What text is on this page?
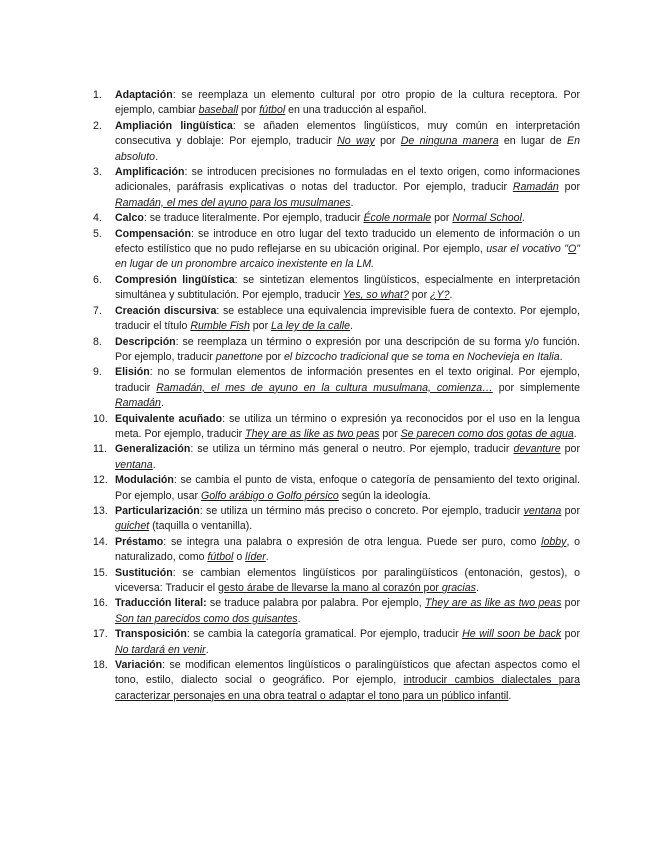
1. Adaptación: se reemplaza un elemento cultural por otro propio de la cultura receptora. Por ejemplo, cambiar baseball por fútbol en una traducción al español.
2. Ampliación lingüística: se añaden elementos lingüísticos, muy común en interpretación consecutiva y doblaje: Por ejemplo, traducir No way por De ninguna manera en lugar de En absoluto.
3. Amplificación: se introducen precisiones no formuladas en el texto origen, como informaciones adicionales, paráfrasis explicativas o notas del traductor. Por ejemplo, traducir Ramadán por Ramadán, el mes del ayuno para los musulmanes.
4. Calco: se traduce literalmente. Por ejemplo, traducir École normale por Normal School.
5. Compensación: se introduce en otro lugar del texto traducido un elemento de información o un efecto estilístico que no pudo reflejarse en su ubicación original. Por ejemplo, usar el vocativo "O" en lugar de un pronombre arcaico inexistente en la LM.
6. Compresión lingüística: se sintetizan elementos lingüísticos, especialmente en interpretación simultánea y subtitulación. Por ejemplo, traducir Yes, so what? por ¿Y?.
7. Creación discursiva: se establece una equivalencia imprevisible fuera de contexto. Por ejemplo, traducir el título Rumble Fish por La ley de la calle.
8. Descripción: se reemplaza un término o expresión por una descripción de su forma y/o función. Por ejemplo, traducir panettone por el bizcocho tradicional que se toma en Nochevieja en Italia.
9. Elisión: no se formulan elementos de información presentes en el texto original. Por ejemplo, traducir Ramadán, el mes de ayuno en la cultura musulmana, comienza… por simplemente Ramadán.
10. Equivalente acuñado: se utiliza un término o expresión ya reconocidos por el uso en la lengua meta. Por ejemplo, traducir They are as like as two peas por Se parecen como dos gotas de agua.
11. Generalización: se utiliza un término más general o neutro. Por ejemplo, traducir devanture por ventana.
12. Modulación: se cambia el punto de vista, enfoque o categoría de pensamiento del texto original. Por ejemplo, usar Golfo arábigo o Golfo pérsico según la ideología.
13. Particularización: se utiliza un término más preciso o concreto. Por ejemplo, traducir ventana por guichet (taquilla o ventanilla).
14. Préstamo: se integra una palabra o expresión de otra lengua. Puede ser puro, como lobby, o naturalizado, como fútbol o líder.
15. Sustitución: se cambian elementos lingüísticos por paralingüísticos (entonación, gestos), o viceversa: Traducir el gesto árabe de llevarse la mano al corazón por gracias.
16. Traducción literal: se traduce palabra por palabra. Por ejemplo, They are as like as two peas por Son tan parecidos como dos guisantes.
17. Transposición: se cambia la categoría gramatical. Por ejemplo, traducir He will soon be back por No tardará en venir.
18. Variación: se modifican elementos lingüísticos o paralingüísticos que afectan aspectos como el tono, estilo, dialecto social o geográfico. Por ejemplo, introducir cambios dialectales para caracterizar personajes en una obra teatral o adaptar el tono para un público infantil.
